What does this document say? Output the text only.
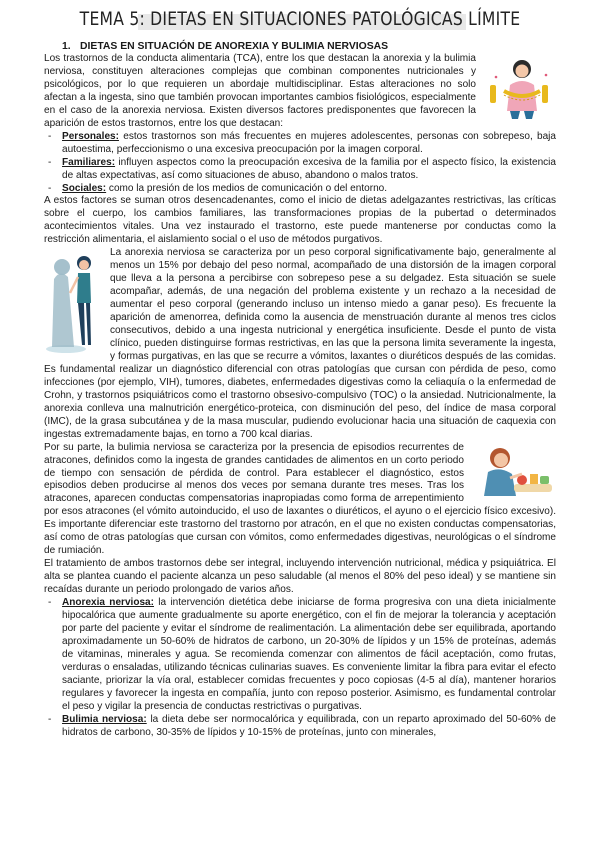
TEMA 5: DIETAS EN SITUACIONES PATOLÓGICAS LÍMITE
1. DIETAS EN SITUACIÓN DE ANOREXIA Y BULIMIA NERVIOSAS

Los trastornos de la conducta alimentaria (TCA), entre los que destacan la anorexia y la bulimia nerviosa, constituyen alteraciones complejas que combinan componentes nutricionales y psicológicos, por lo que requieren un abordaje multidisciplinar. Estas alteraciones no solo afectan a la ingesta, sino que también provocan importantes cambios fisiológicos, especialmente en el caso de la anorexia nerviosa. Existen diversos factores predisponentes que favorecen la aparición de estos trastornos, entre los que destacan:

- Personales: estos trastornos son más frecuentes en mujeres adolescentes, personas con sobrepeso, baja autoestima, perfeccionismo o una excesiva preocupación por la imagen corporal.
- Familiares: influyen aspectos como la preocupación excesiva de la familia por el aspecto físico, la existencia de altas expectativas, así como situaciones de abuso, abandono o malos tratos.
- Sociales: como la presión de los medios de comunicación o del entorno.

A estos factores se suman otros desencadenantes, como el inicio de dietas adelgazantes restrictivas, las críticas sobre el cuerpo, los cambios familiares, las transformaciones propias de la pubertad o determinados acontecimientos vitales. Una vez instaurado el trastorno, este puede mantenerse por conductas como la restricción alimentaria, el aislamiento social o el uso de métodos purgativos.

La anorexia nerviosa se caracteriza por un peso corporal significativamente bajo, generalmente al menos un 15% por debajo del peso normal, acompañado de una distorsión de la imagen corporal que lleva a la persona a percibirse con sobrepeso pese a su delgadez. Esta situación se suele acompañar, además, de una negación del problema existente y un rechazo a la necesidad de aumentar el peso corporal (generando incluso un intenso miedo a ganar peso). Es frecuente la aparición de amenorrea, definida como la ausencia de menstruación durante al menos tres ciclos consecutivos, debido a una ingesta nutricional y energética insuficiente. Desde el punto de vista clínico, pueden distinguirse formas restrictivas, en las que la persona limita severamente la ingesta, y formas purgativas, en las que se recurre a vómitos, laxantes o diuréticos después de las comidas. Es fundamental realizar un diagnóstico diferencial con otras patologías que cursan con pérdida de peso, como infecciones (por ejemplo, VIH), tumores, diabetes, enfermedades digestivas como la celiaquía o la enfermedad de Crohn, y trastornos psiquiátricos como el trastorno obsesivo-compulsivo (TOC) o la ansiedad. Nutricionalmente, la anorexia conlleva una malnutrición energético-proteica, con disminución del peso, del índice de masa corporal (IMC), de la grasa subcutánea y de la masa muscular, pudiendo evolucionar hacia una situación de caquexia con ingestas extremadamente bajas, en torno a 700 kcal diarias.

Por su parte, la bulimia nerviosa se caracteriza por la presencia de episodios recurrentes de atracones, definidos como la ingesta de grandes cantidades de alimentos en un corto periodo de tiempo con sensación de pérdida de control. Para establecer el diagnóstico, estos episodios deben producirse al menos dos veces por semana durante tres meses. Tras los atracones, aparecen conductas compensatorias inapropiadas como forma de arrepentimiento por esos atracones (el vómito autoinducido, el uso de laxantes o diuréticos, el ayuno o el ejercicio físico excesivo). Es importante diferenciar este trastorno del trastorno por atracón, en el que no existen conductas compensatorias, así como de otras patologías que cursan con vómitos, como enfermedades digestivas, neurológicas o el síndrome de rumiación.

El tratamiento de ambos trastornos debe ser integral, incluyendo intervención nutricional, médica y psiquiátrica. El alta se plantea cuando el paciente alcanza un peso saludable (al menos el 80% del peso ideal) y se mantiene sin recaídas durante un periodo prolongado de varios años.

- Anorexia nerviosa: la intervención dietética debe iniciarse de forma progresiva con una dieta inicialmente hipocalórica que aumente gradualmente su aporte energético, con el fin de mejorar la tolerancia y aceptación por parte del paciente y evitar el síndrome de realimentación. La alimentación debe ser equilibrada, aportando aproximadamente un 50-60% de hidratos de carbono, un 20-30% de lípidos y un 15% de proteínas, además de vitaminas, minerales y agua. Se recomienda comenzar con alimentos de fácil aceptación, como frutas, verduras o ensaladas, utilizando técnicas culinarias suaves. Es conveniente limitar la fibra para evitar el efecto saciante, priorizar la vía oral, establecer comidas frecuentes y poco copiosas (4-5 al día), mantener horarios regulares y favorecer la ingesta en compañía, junto con reposo posterior. Asimismo, es fundamental controlar el peso y vigilar la presencia de conductas restrictivas o purgativas.
- Bulimia nerviosa: la dieta debe ser normocalórica y equilibrada, con un reparto aproximado del 50-60% de hidratos de carbono, 30-35% de lípidos y 10-15% de proteínas, junto con minerales,
